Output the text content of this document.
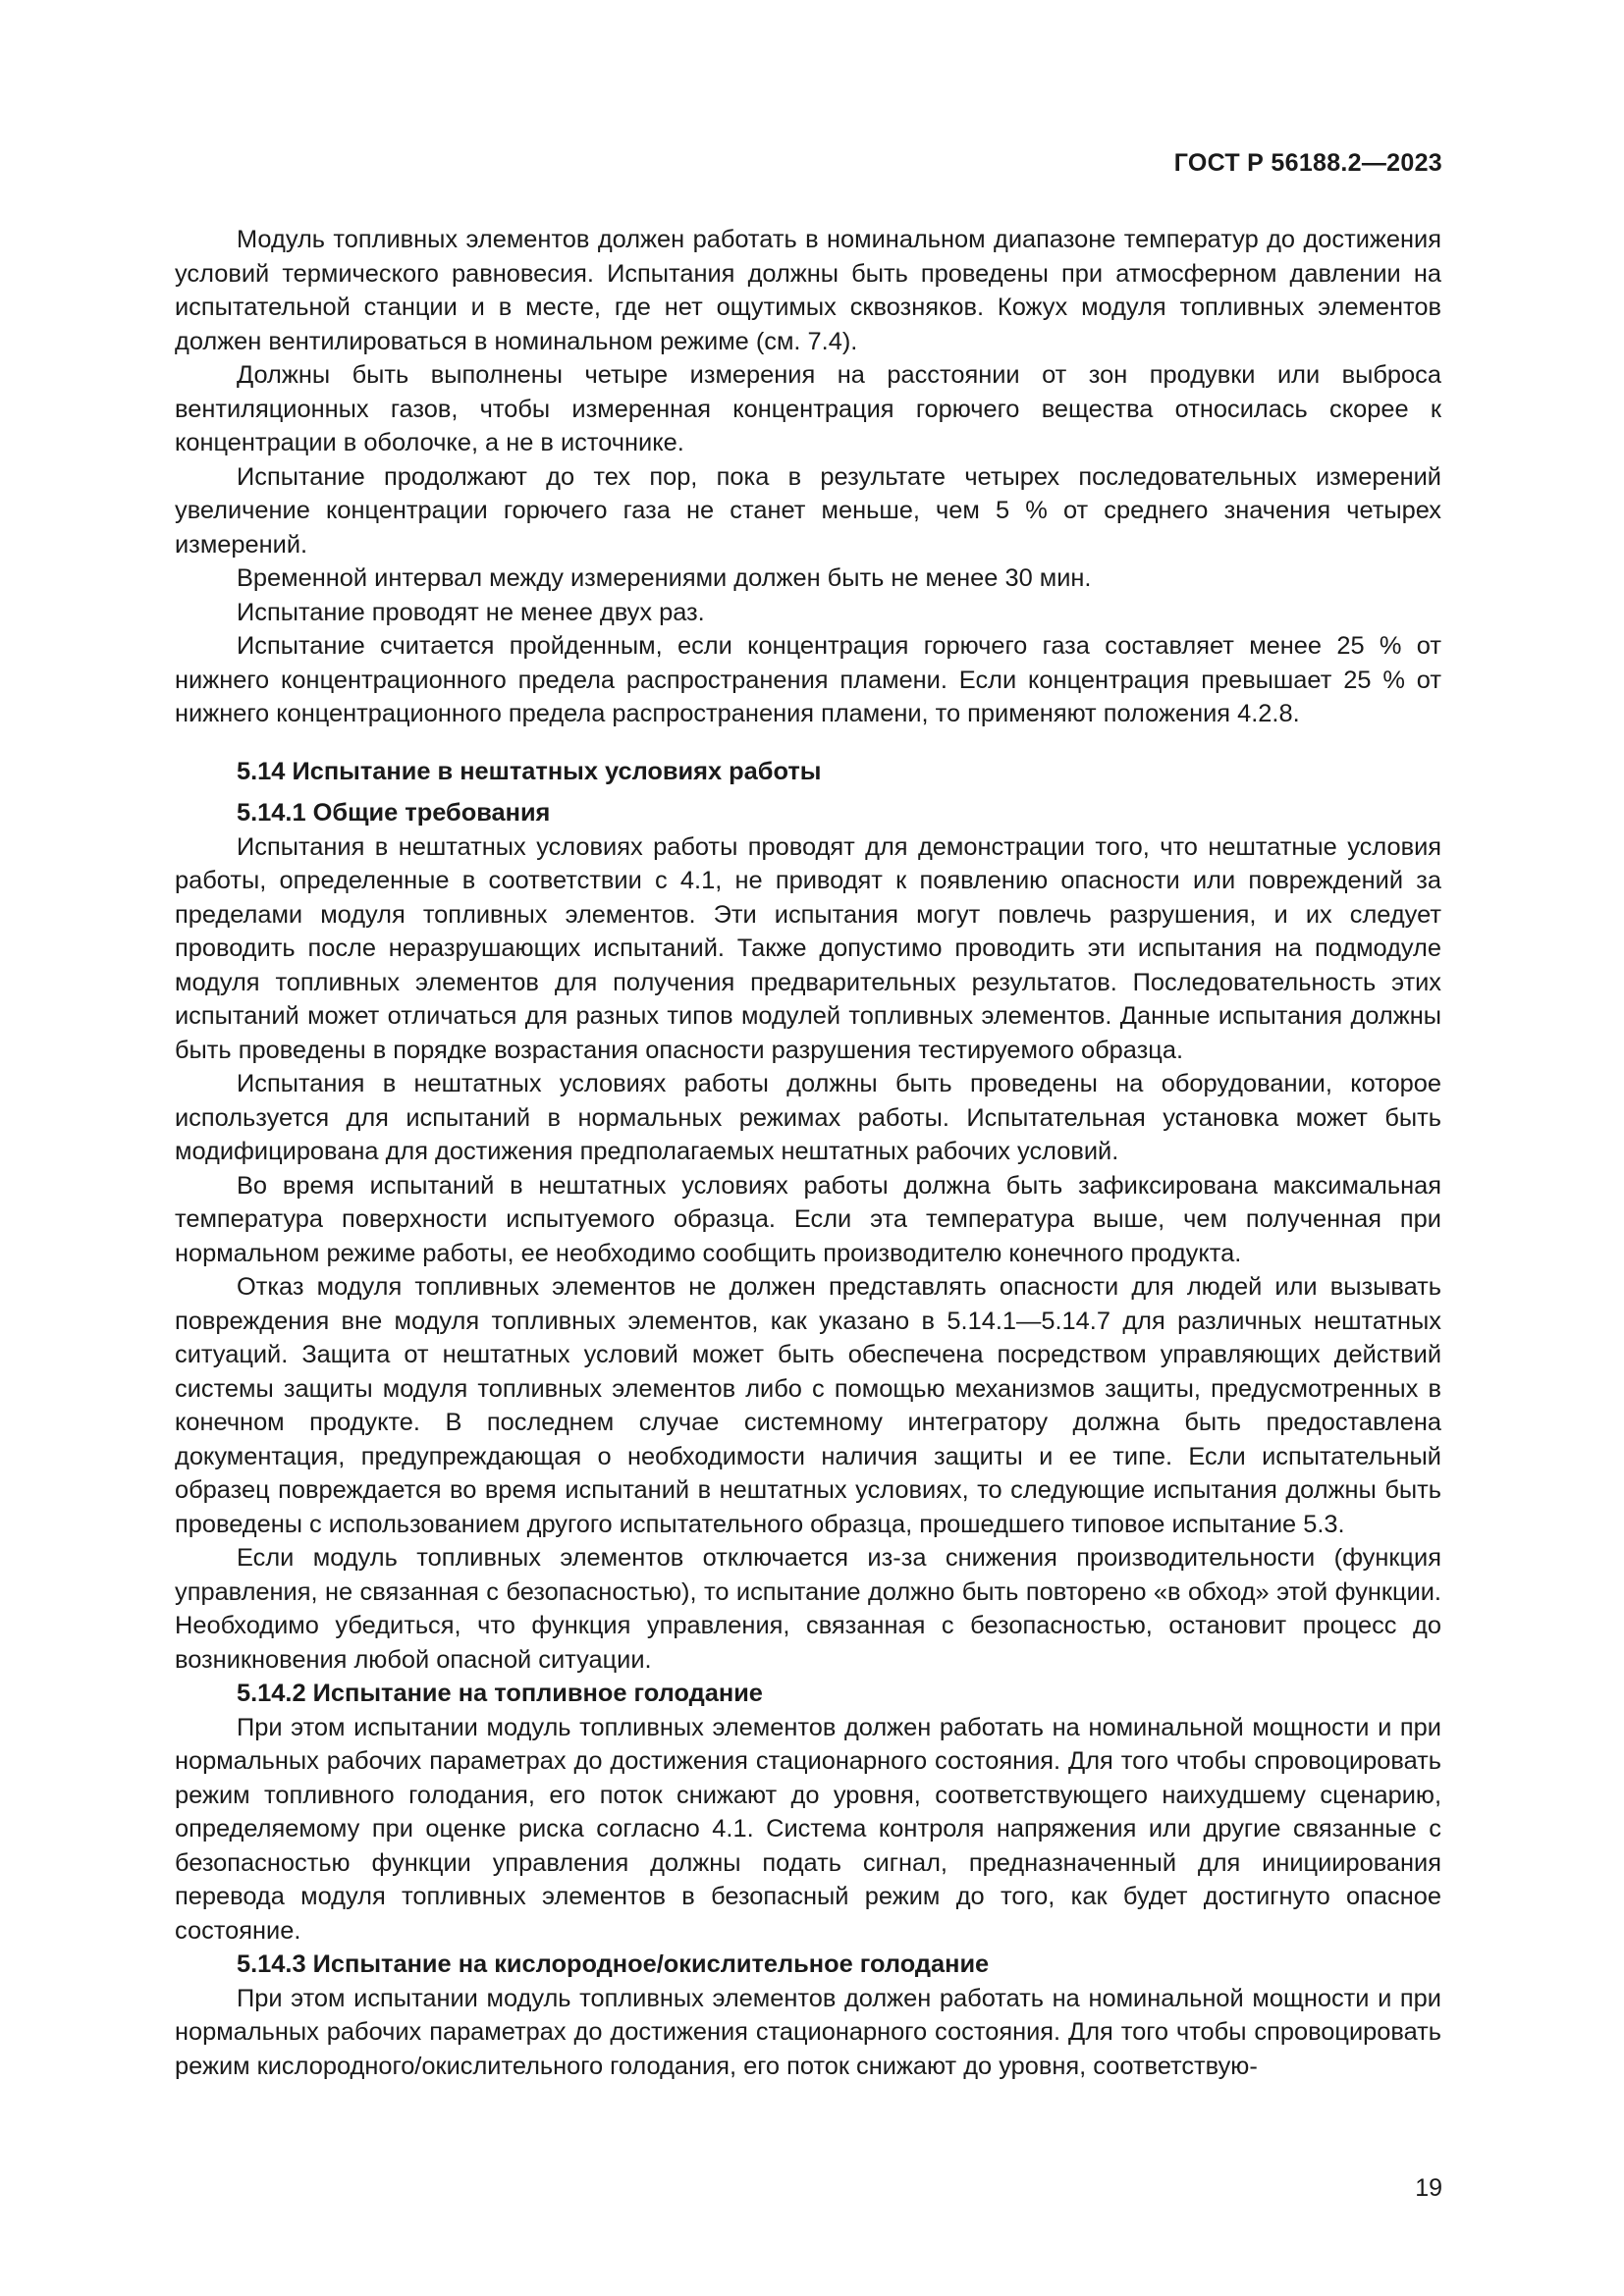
ГОСТ Р 56188.2—2023

Модуль топливных элементов должен работать в номинальном диапазоне температур до достижения условий термического равновесия. Испытания должны быть проведены при атмосферном давлении на испытательной станции и в месте, где нет ощутимых сквозняков. Кожух модуля топливных элементов должен вентилироваться в номинальном режиме (см. 7.4).

Должны быть выполнены четыре измерения на расстоянии от зон продувки или выброса вентиляционных газов, чтобы измеренная концентрация горючего вещества относилась скорее к концентрации в оболочке, а не в источнике.

Испытание продолжают до тех пор, пока в результате четырех последовательных измерений увеличение концентрации горючего газа не станет меньше, чем 5 % от среднего значения четырех измерений.

Временной интервал между измерениями должен быть не менее 30 мин.

Испытание проводят не менее двух раз.

Испытание считается пройденным, если концентрация горючего газа составляет менее 25 % от нижнего концентрационного предела распространения пламени. Если концентрация превышает 25 % от нижнего концентрационного предела распространения пламени, то применяют положения 4.2.8.

5.14 Испытание в нештатных условиях работы
5.14.1 Общие требования

Испытания в нештатных условиях работы проводят для демонстрации того, что нештатные условия работы, определенные в соответствии с 4.1, не приводят к появлению опасности или повреждений за пределами модуля топливных элементов. Эти испытания могут повлечь разрушения, и их следует проводить после неразрушающих испытаний. Также допустимо проводить эти испытания на подмодуле модуля топливных элементов для получения предварительных результатов. Последовательность этих испытаний может отличаться для разных типов модулей топливных элементов. Данные испытания должны быть проведены в порядке возрастания опасности разрушения тестируемого образца.

Испытания в нештатных условиях работы должны быть проведены на оборудовании, которое используется для испытаний в нормальных режимах работы. Испытательная установка может быть модифицирована для достижения предполагаемых нештатных рабочих условий.

Во время испытаний в нештатных условиях работы должна быть зафиксирована максимальная температура поверхности испытуемого образца. Если эта температура выше, чем полученная при нормальном режиме работы, ее необходимо сообщить производителю конечного продукта.

Отказ модуля топливных элементов не должен представлять опасности для людей или вызывать повреждения вне модуля топливных элементов, как указано в 5.14.1—5.14.7 для различных нештатных ситуаций. Защита от нештатных условий может быть обеспечена посредством управляющих действий системы защиты модуля топливных элементов либо с помощью механизмов защиты, предусмотренных в конечном продукте. В последнем случае системному интегратору должна быть предоставлена документация, предупреждающая о необходимости наличия защиты и ее типе. Если испытательный образец повреждается во время испытаний в нештатных условиях, то следующие испытания должны быть проведены с использованием другого испытательного образца, прошедшего типовое испытание 5.3.

Если модуль топливных элементов отключается из-за снижения производительности (функция управления, не связанная с безопасностью), то испытание должно быть повторено «в обход» этой функции. Необходимо убедиться, что функция управления, связанная с безопасностью, остановит процесс до возникновения любой опасной ситуации.

5.14.2 Испытание на топливное голодание

При этом испытании модуль топливных элементов должен работать на номинальной мощности и при нормальных рабочих параметрах до достижения стационарного состояния. Для того чтобы спровоцировать режим топливного голодания, его поток снижают до уровня, соответствующего наихудшему сценарию, определяемому при оценке риска согласно 4.1. Система контроля напряжения или другие связанные с безопасностью функции управления должны подать сигнал, предназначенный для инициирования перевода модуля топливных элементов в безопасный режим до того, как будет достигнуто опасное состояние.

5.14.3 Испытание на кислородное/окислительное голодание

При этом испытании модуль топливных элементов должен работать на номинальной мощности и при нормальных рабочих параметрах до достижения стационарного состояния. Для того чтобы спровоцировать режим кислородного/окислительного голодания, его поток снижают до уровня, соответствую-

19
